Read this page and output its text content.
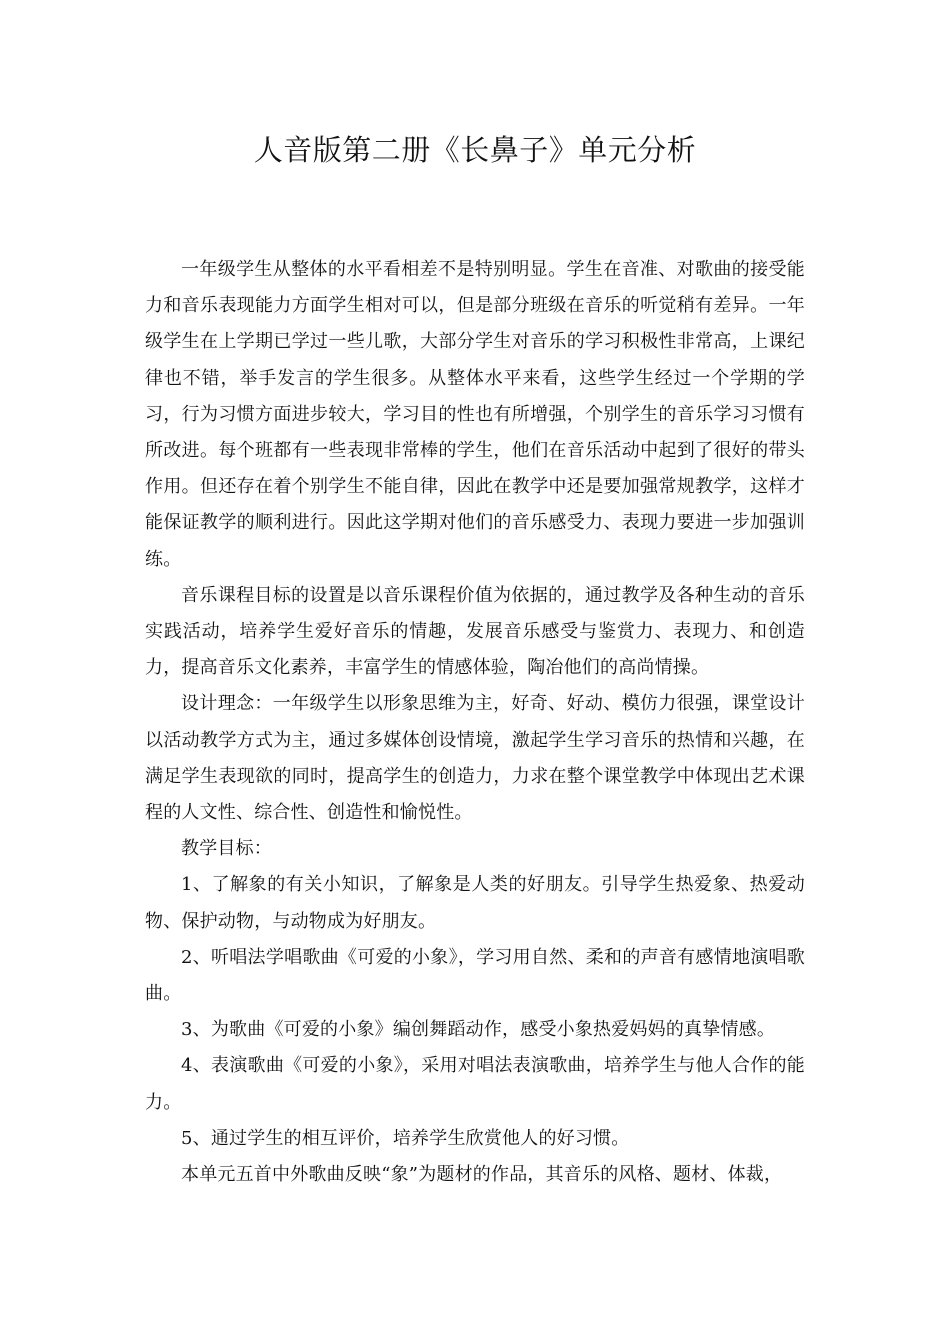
人音版第二册《长鼻子》单元分析

一年级学生从整体的水平看相差不是特别明显。学生在音准、对歌曲的接受能力和音乐表现能力方面学生相对可以，但是部分班级在音乐的听觉稍有差异。一年级学生在上学期已学过一些儿歌，大部分学生对音乐的学习积极性非常高，上课纪律也不错，举手发言的学生很多。从整体水平来看，这些学生经过一个学期的学习，行为习惯方面进步较大，学习目的性也有所增强，个别学生的音乐学习习惯有所改进。每个班都有一些表现非常棒的学生，他们在音乐活动中起到了很好的带头作用。但还存在着个别学生不能自律，因此在教学中还是要加强常规教学，这样才能保证教学的顺利进行。因此这学期对他们的音乐感受力、表现力要进一步加强训练。

音乐课程目标的设置是以音乐课程价值为依据的，通过教学及各种生动的音乐实践活动，培养学生爱好音乐的情趣，发展音乐感受与鉴赏力、表现力、和创造力，提高音乐文化素养，丰富学生的情感体验，陶冶他们的高尚情操。

设计理念：一年级学生以形象思维为主，好奇、好动、模仿力很强，课堂设计以活动教学方式为主，通过多媒体创设情境，激起学生学习音乐的热情和兴趣，在满足学生表现欲的同时，提高学生的创造力，力求在整个课堂教学中体现出艺术课程的人文性、综合性、创造性和愉悦性。

教学目标：

1、了解象的有关小知识，了解象是人类的好朋友。引导学生热爱象、热爱动物、保护动物，与动物成为好朋友。

2、听唱法学唱歌曲《可爱的小象》，学习用自然、柔和的声音有感情地演唱歌曲。

3、为歌曲《可爱的小象》编创舞蹈动作，感受小象热爱妈妈的真挚情感。

4、表演歌曲《可爱的小象》，采用对唱法表演歌曲，培养学生与他人合作的能力。

5、通过学生的相互评价，培养学生欣赏他人的好习惯。

本单元五首中外歌曲反映“象”为题材的作品，其音乐的风格、题材、体裁，
